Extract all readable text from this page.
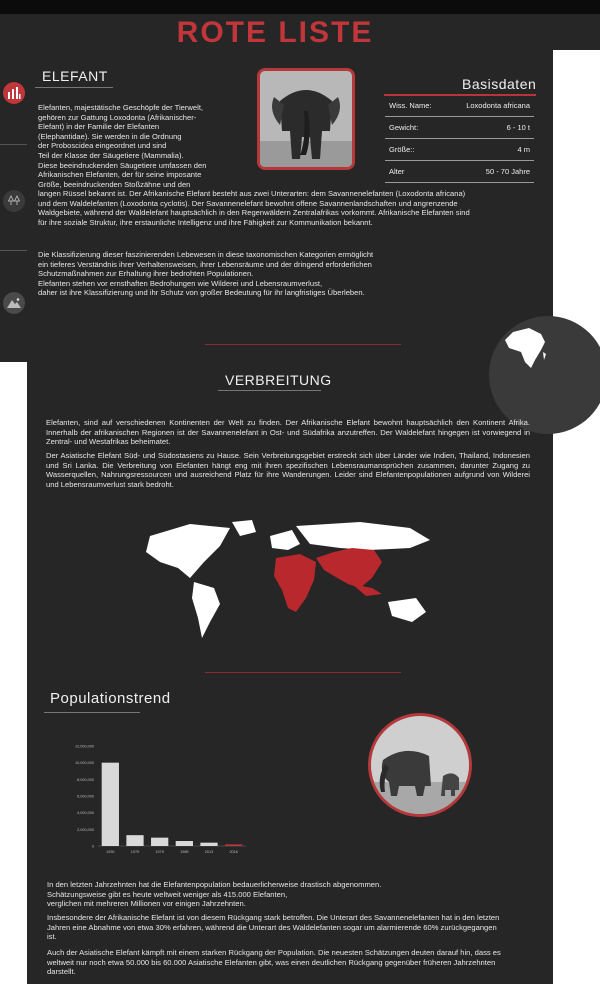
ROTE LISTE
ELEFANT
Elefanten, majestätische Geschöpfe der Tierwelt,
gehören zur Gattung Loxodonta (Afrikanischer-
Elefant) in der Familie der Elefanten
(Elephantidae). Sie werden in die Ordnung
der Proboscidea eingeordnet und sind
Teil der Klasse der Säugetiere (Mammalia).
Diese beeindruckenden Säugetiere umfassen den
Afrikanischen Elefanten, der für seine imposante
Größe, beeindruckenden Stoßzähne und den
langen Rüssel bekannt ist. Der Afrikanische Elefant besteht aus zwei Unterarten: dem Savannenelefanten (Loxodonta africana) und dem Waldelefanten (Loxodonta cyclotis). Der Savannenelefant bewohnt offene Savannenlandschaften und angrenzende Waldgebiete, während der Waldelefant hauptsächlich in den Regenwäldern Zentralafrikas vorkommt. Afrikanische Elefanten sind für ihre soziale Struktur, ihre erstaunliche Intelligenz und ihre Fähigkeit zur Kommunikation bekannt.
Die Klassifizierung dieser faszinierenden Lebewesen in diese taxonomischen Kategorien ermöglicht
ein tieferes Verständnis ihrer Verhaltensweisen, ihrer Lebensräume und der dringend erforderlichen
Schutzmaßnahmen zur Erhaltung ihrer bedrohten Populationen.
Elefanten stehen vor ernsthaften Bedrohungen wie Wilderei und Lebensraumverlust,
daher ist ihre Klassifizierung und ihr Schutz von großer Bedeutung für ihr langfristiges Überleben.
Basisdaten
Wiss. Name:	Loxodonta africana
Gewicht:	6 - 10 t
Größe::	4 m
Alter	50 - 70 Jahre
VERBREITUNG
Elefanten, sind auf verschiedenen Kontinenten der Welt zu finden. Der Afrikanische Elefant bewohnt hauptsächlich den Kontinent Afrika. Innerhalb der afrikanischen Regionen ist der Savannenelefant in Ost- und Südafrika anzutreffen. Der Waldelefant hingegen ist vorwiegend in Zentral- und Westafrikas beheimatet.
Der Asiatische Elefant Süd- und Südostasiens zu Hause. Sein Verbreitungsgebiet erstreckt sich über Länder wie Indien, Thailand, Indonesien und Sri Lanka. Die Verbreitung von Elefanten hängt eng mit ihren spezifischen Lebensraumansprüchen zusammen, darunter Zugang zu Wasserquellen, Nahrungsressourcen und ausreichend Platz für ihre Wanderungen. Leider sind Elefantenpopulationen aufgrund von Wilderei und Lebensraumverlust stark bedroht.
Populationstrend
0
2,000,000
4,000,000
6,000,000
8,000,000
10,000,000
12,000,000
1930	1970	1979	1989	2013	2016
In den letzten Jahrzehnten hat die Elefantenpopulation bedauerlicherweise drastisch abgenommen.
Schätzungsweise gibt es heute weltweit weniger als 415.000 Elefanten,
verglichen mit mehreren Millionen vor einigen Jahrzehnten.
Insbesondere der Afrikanische Elefant ist von diesem Rückgang stark betroffen. Die Unterart des Savannenelefanten hat in den letzten Jahren eine Abnahme von etwa 30% erfahren, während die Unterart des Waldelefanten sogar um alarmierende 60% zurückgegangen ist.
Auch der Asiatische Elefant kämpft mit einem starken Rückgang der Population. Die neuesten Schätzungen deuten darauf hin, dass es weltweit nur noch etwa 50.000 bis 60.000 Asiatische Elefanten gibt, was einen deutlichen Rückgang gegenüber früheren Jahrzehnten darstellt.
